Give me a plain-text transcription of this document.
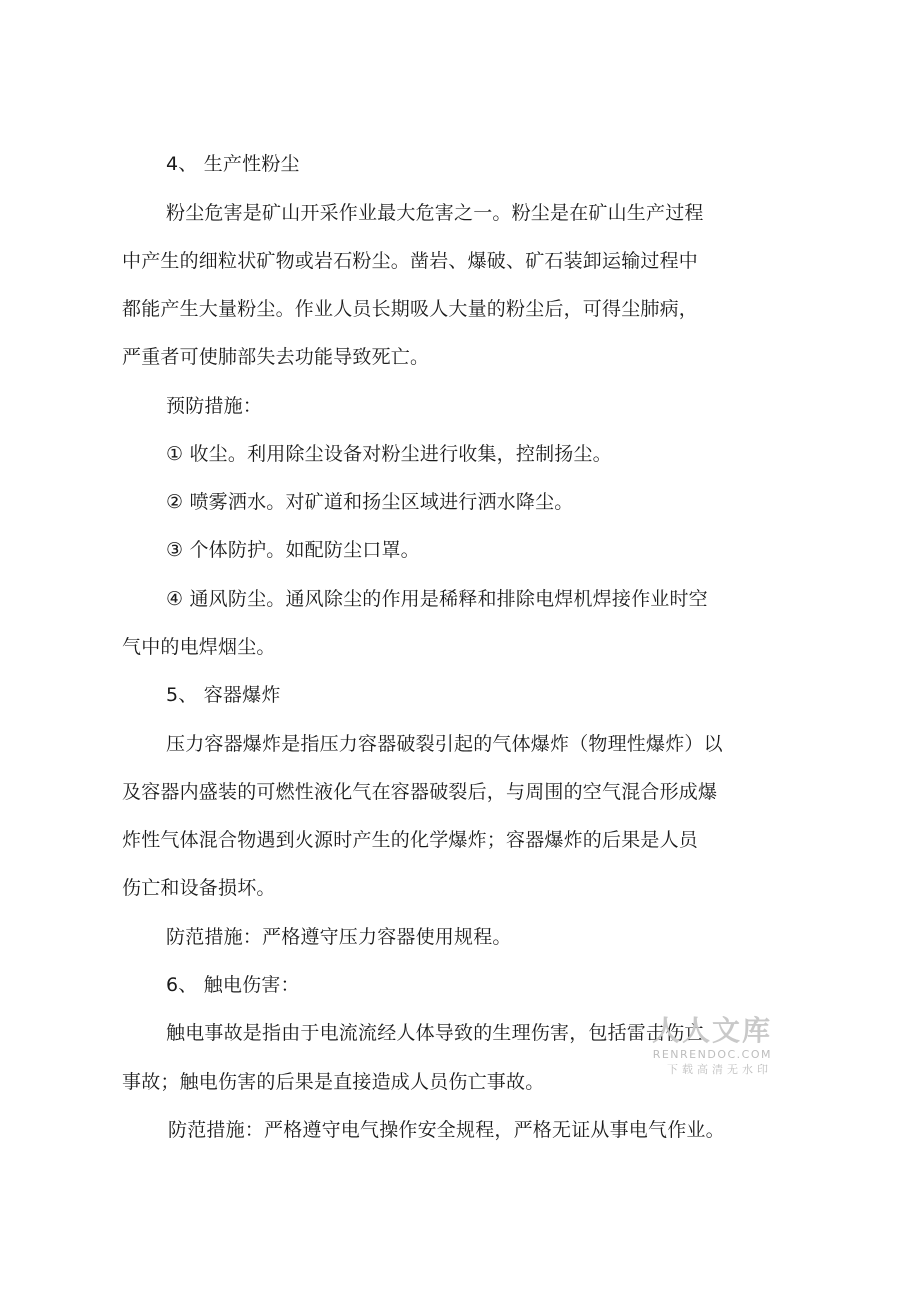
4、 生产性粉尘
粉尘危害是矿山开采作业最大危害之一。粉尘是在矿山生产过程
中产生的细粒状矿物或岩石粉尘。凿岩、爆破、矿石装卸运输过程中
都能产生大量粉尘。作业人员长期吸人大量的粉尘后，可得尘肺病，
严重者可使肺部失去功能导致死亡。
预防措施：
① 收尘。利用除尘设备对粉尘进行收集，控制扬尘。
② 喷雾洒水。对矿道和扬尘区域进行洒水降尘。
③ 个体防护。如配防尘口罩。
④ 通风防尘。通风除尘的作用是稀释和排除电焊机焊接作业时空
气中的电焊烟尘。
5、 容器爆炸
压力容器爆炸是指压力容器破裂引起的气体爆炸（物理性爆炸）以
及容器内盛装的可燃性液化气在容器破裂后，与周围的空气混合形成爆
炸性气体混合物遇到火源时产生的化学爆炸；容器爆炸的后果是人员
伤亡和设备损坏。
防范措施：严格遵守压力容器使用规程。
6、 触电伤害：
触电事故是指由于电流流经人体导致的生理伤害，包括雷击伤亡
事故；触电伤害的后果是直接造成人员伤亡事故。
防范措施：严格遵守电气操作安全规程，严格无证从事电气作业。
人人文库
RENRENDOC.COM
下载高清无水印
